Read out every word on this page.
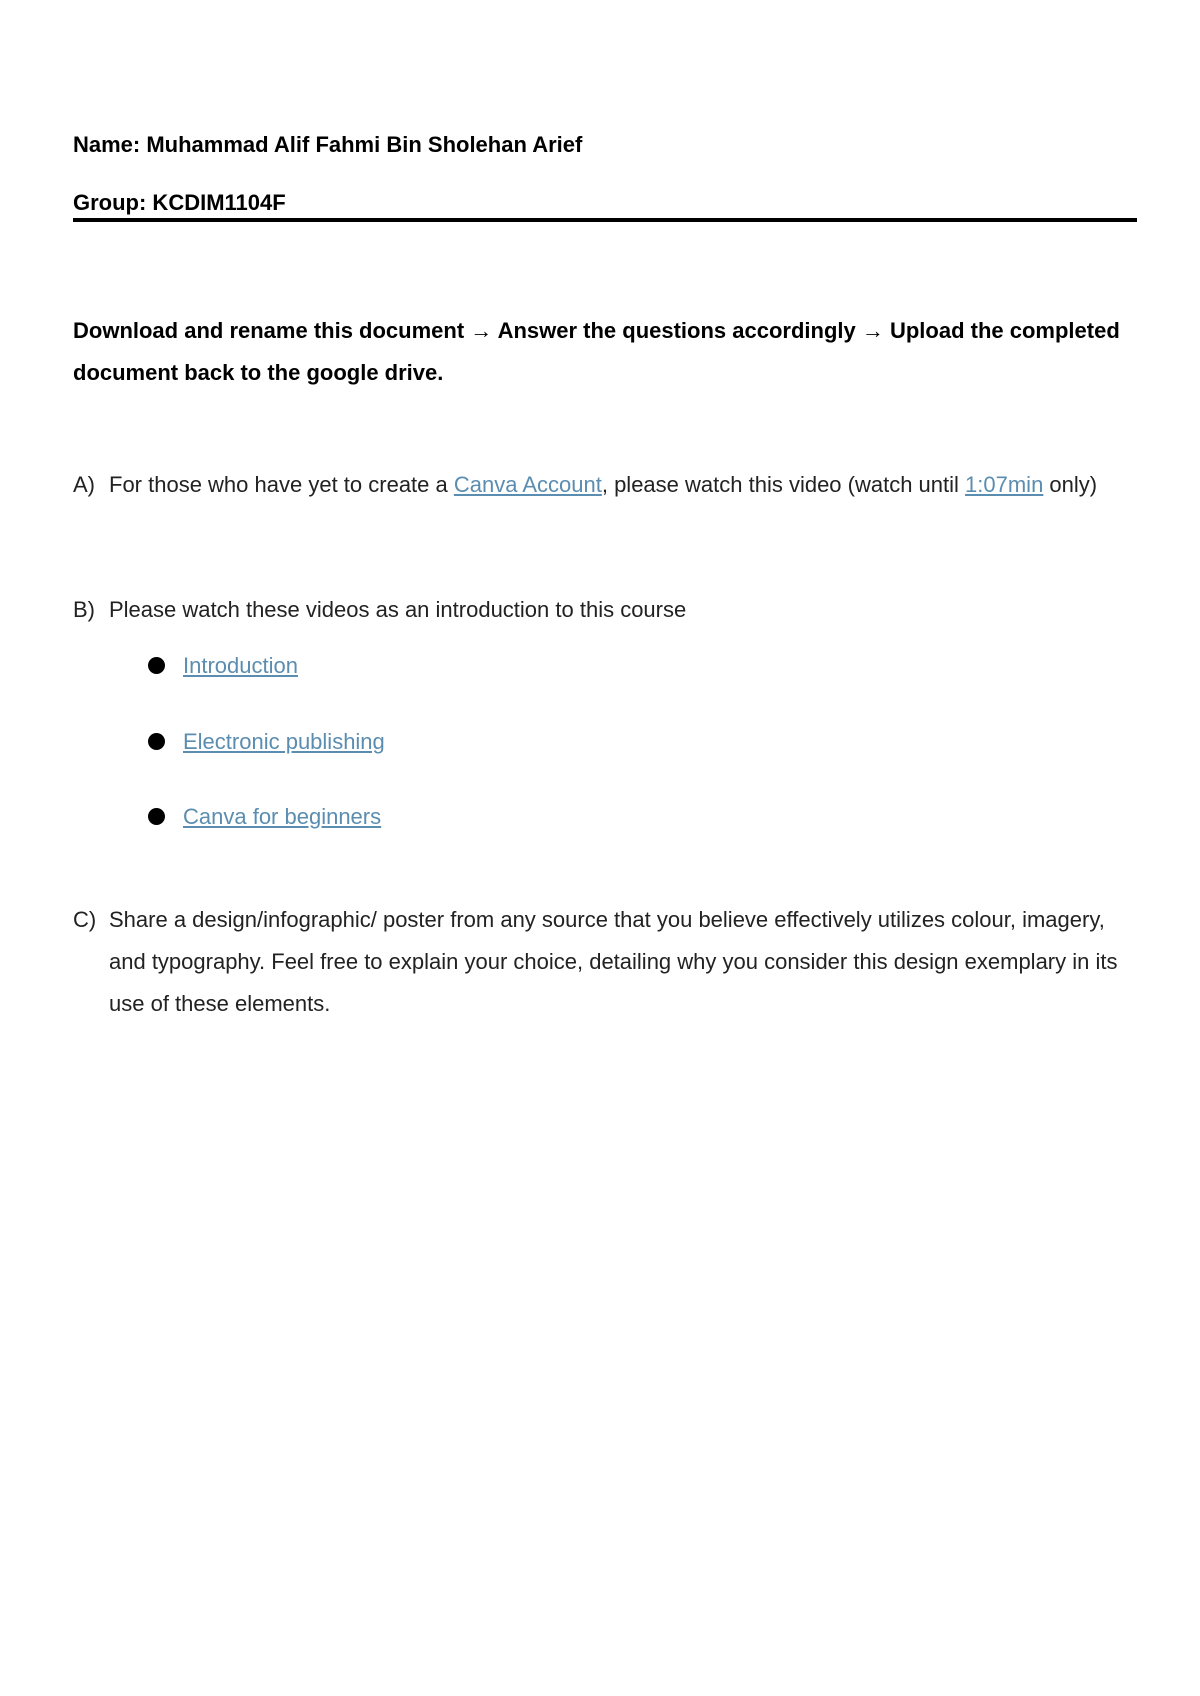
Name: Muhammad Alif Fahmi Bin Sholehan Arief
Group: KCDIM1104F
Download and rename this document → Answer the questions accordingly → Upload the completed document back to the google drive.
A) For those who have yet to create a Canva Account, please watch this video (watch until 1:07min only)
B) Please watch these videos as an introduction to this course
Introduction
Electronic publishing
Canva for beginners
C) Share a design/infographic/ poster from any source that you believe effectively utilizes colour, imagery, and typography. Feel free to explain your choice, detailing why you consider this design exemplary in its use of these elements.
